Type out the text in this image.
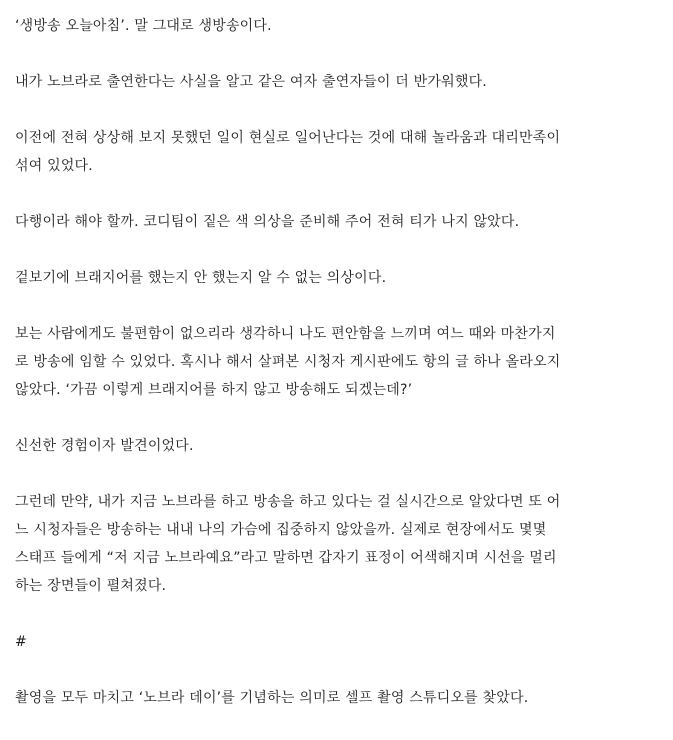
‘생방송 오늘아침’. 말 그대로 생방송이다.

내가 노브라로 출연한다는 사실을 알고 같은 여자 출연자들이 더 반가워했다.

이전에 전혀 상상해 보지 못했던 일이 현실로 일어난다는 것에 대해 놀라움과 대리만족이
섞여 있었다.

다행이라 해야 할까. 코디팀이 짙은 색 의상을 준비해 주어 전혀 티가 나지 않았다.

겉보기에 브래지어를 했는지 안 했는지 알 수 없는 의상이다.

보는 사람에게도 불편함이 없으리라 생각하니 나도 편안함을 느끼며 여느 때와 마찬가지
로 방송에 임할 수 있었다. 혹시나 해서 살펴본 시청자 게시판에도 항의 글 하나 올라오지
않았다. ‘가끔 이렇게 브래지어를 하지 않고 방송해도 되겠는데?’

신선한 경험이자 발견이었다.

그런데 만약, 내가 지금 노브라를 하고 방송을 하고 있다는 걸 실시간으로 알았다면 또 어
느 시청자들은 방송하는 내내 나의 가슴에 집중하지 않았을까. 실제로 현장에서도 몇몇
스태프 들에게 “저 지금 노브라예요”라고 말하면 갑자기 표정이 어색해지며 시선을 멀리
하는 장면들이 펼쳐졌다.

#

촬영을 모두 마치고 ‘노브라 데이’를 기념하는 의미로 셀프 촬영 스튜디오를 찾았다.
